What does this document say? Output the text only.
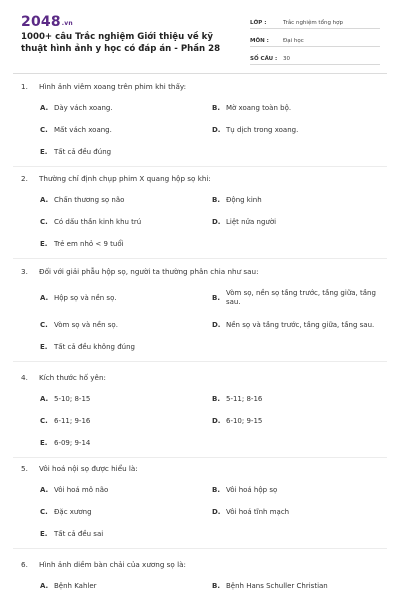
2048.vn
1000+ câu Trắc nghiệm Giới thiệu về kỹ thuật hình ảnh y học có đáp án - Phần 28
LỚP :	Trắc nghiệm tổng hợp
MÔN :	Đại học
SỐ CÂU :	30
1. Hình ảnh viêm xoang trên phim khi thấy:
A. Dày vách xoang.	B. Mờ xoang toàn bộ.
C. Mất vách xoang.	D. Tụ dịch trong xoang.
E. Tất cả đều đúng
2. Thường chỉ định chụp phim X quang hộp sọ khi:
A. Chấn thương sọ não	B. Động kinh
C. Có dấu thần kinh khu trú	D. Liệt nửa người
E. Trẻ em nhỏ < 9 tuổi
3. Đối với giải phẫu hộp sọ, người ta thường phân chia như sau:
A. Hộp sọ và nền sọ.	B.
Vòm sọ, nền sọ tầng trước, tầng giữa, tầng sau.
C. Vòm sọ và nền sọ.	D. Nền sọ và tầng trước, tầng giữa, tầng sau.
E. Tất cả đều không đúng
4. Kích thước hố yên:
A. 5-10; 8-15	B. 5-11; 8-16
C. 6-11; 9-16	D. 6-10; 9-15
E. 6-09; 9-14
5. Vôi hoá nội sọ được hiểu là:
A. Vôi hoá mô não	B. Vôi hoá hộp sọ
C. Đặc xương	D. Vôi hoá tĩnh mạch
E. Tất cả đều sai
6. Hình ảnh diềm bàn chải của xương sọ là:
A. Bệnh Kahler	B. Bệnh Hans Schuller Christian
